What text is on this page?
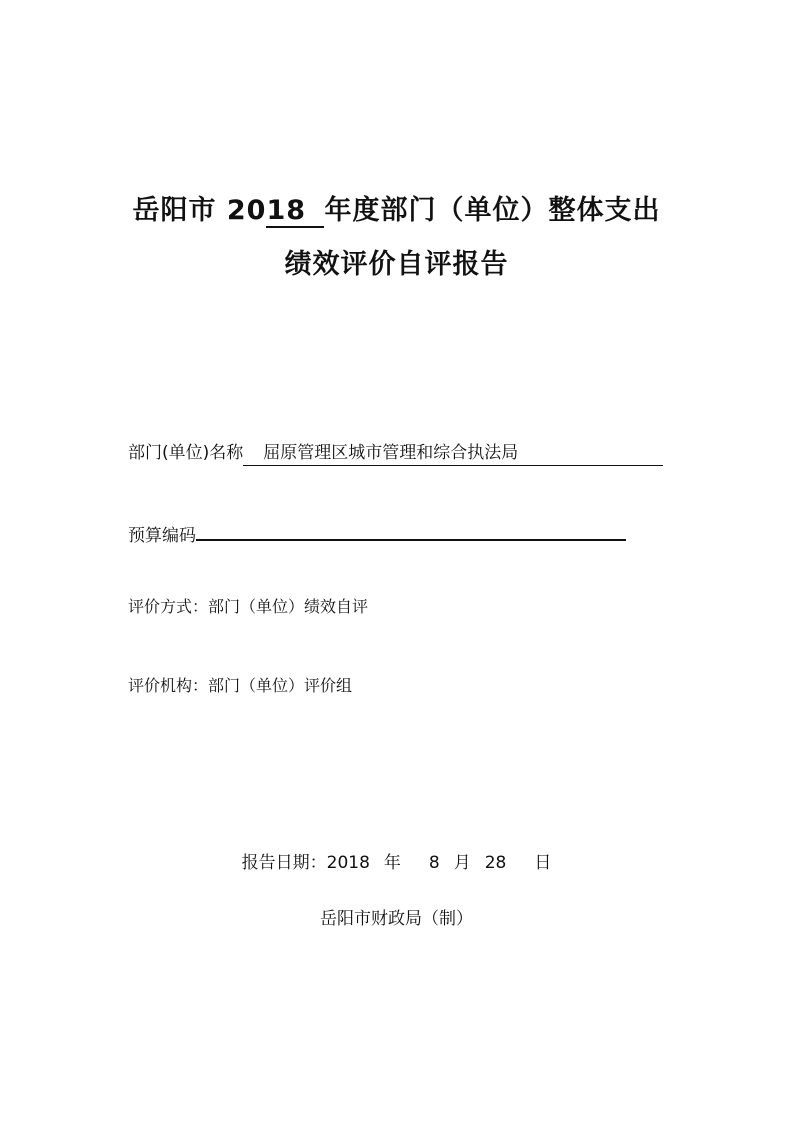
岳阳市 2018 年度部门（单位）整体支出
绩效评价自评报告
部门(单位)名称 屈原管理区城市管理和综合执法局
预算编码
评价方式：部门（单位）绩效自评
评价机构：部门（单位）评价组
报告日期：2018 年 8 月 28 日
岳阳市财政局（制）
